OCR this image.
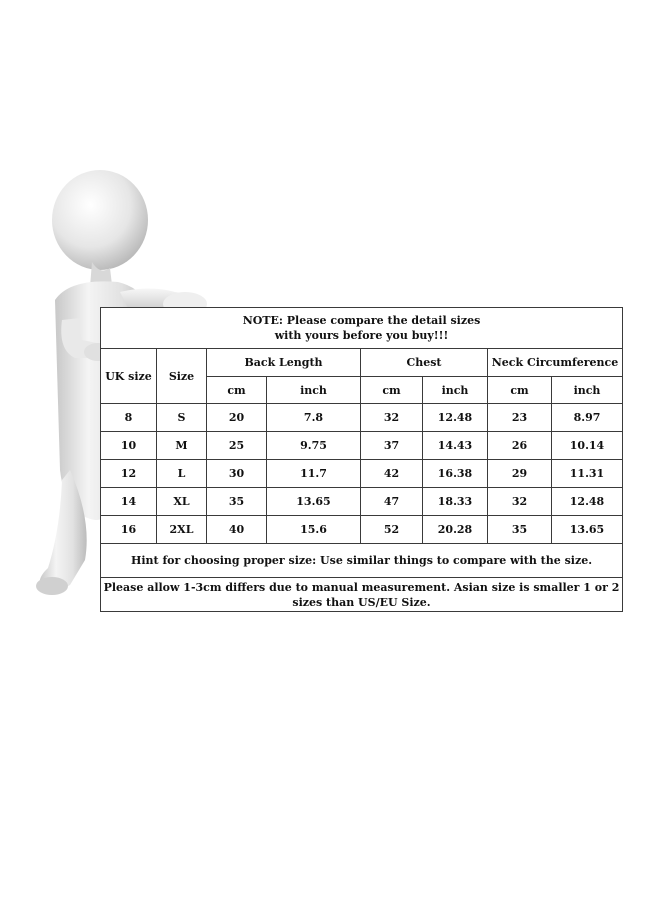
NOTE: Please compare the detail sizes
with yours before you buy!!!							

UK size	Size	Back Length		Chest		Neck Circumference	
		cm	inch	cm	inch	cm	inch
8	S	20	7.8	32	12.48	23	8.97
10	M	25	9.75	37	14.43	26	10.14
12	L	30	11.7	42	16.38	29	11.31
14	XL	35	13.65	47	18.33	32	12.48
16	2XL	40	15.6	52	20.28	35	13.65
Hint for choosing proper size: Use similar things to compare with the size.							
Please allow 1-3cm differs due to manual measurement. Asian size is smaller 1 or 2 sizes than US/EU Size.							
